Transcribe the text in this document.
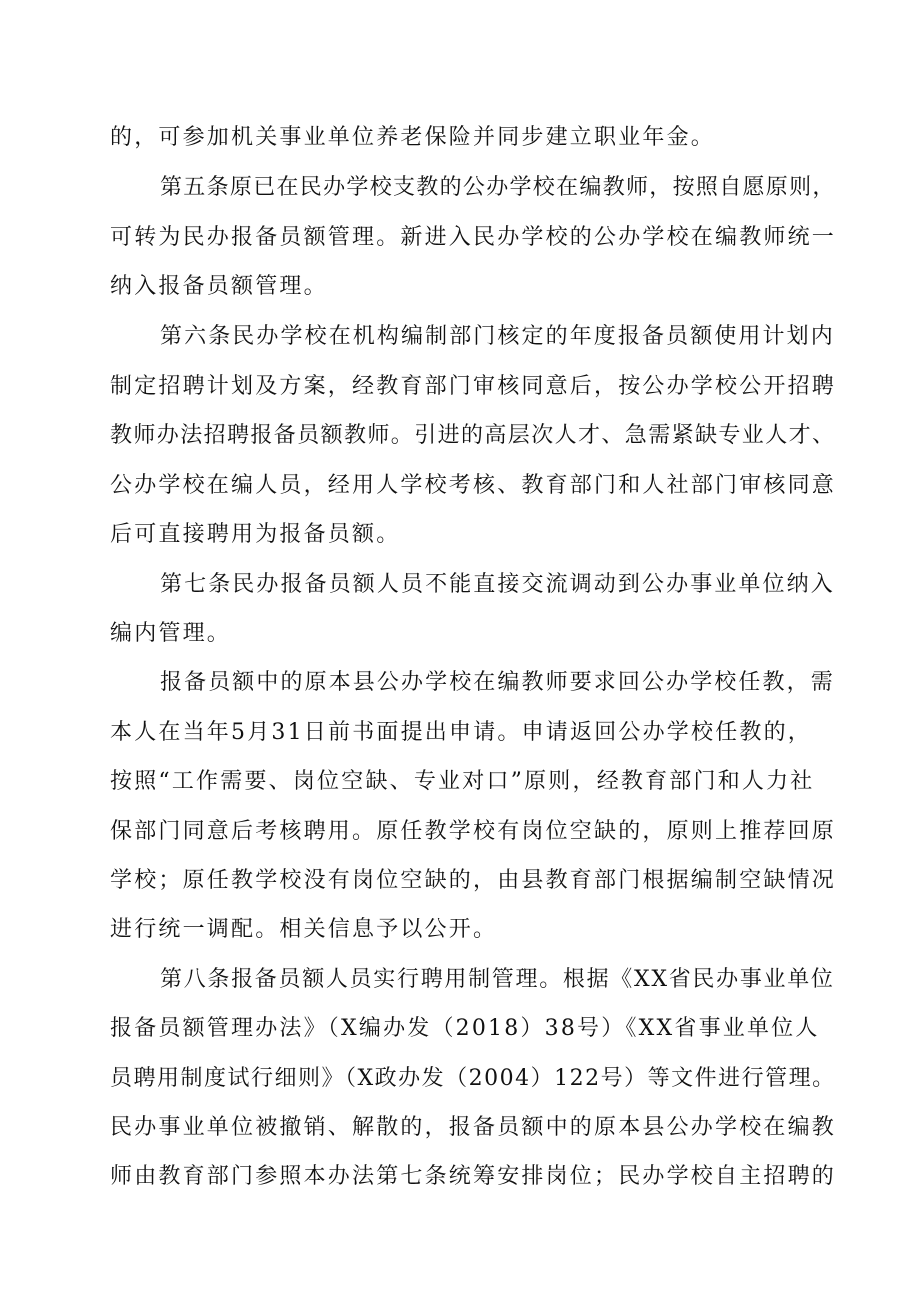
的，可参加机关事业单位养老保险并同步建立职业年金。
第五条原已在民办学校支教的公办学校在编教师，按照自愿原则，
可转为民办报备员额管理。新进入民办学校的公办学校在编教师统一
纳入报备员额管理。
第六条民办学校在机构编制部门核定的年度报备员额使用计划内
制定招聘计划及方案，经教育部门审核同意后，按公办学校公开招聘
教师办法招聘报备员额教师。引进的高层次人才、急需紧缺专业人才、
公办学校在编人员，经用人学校考核、教育部门和人社部门审核同意
后可直接聘用为报备员额。
第七条民办报备员额人员不能直接交流调动到公办事业单位纳入
编内管理。
报备员额中的原本县公办学校在编教师要求回公办学校任教，需
本人在当年5月31日前书面提出申请。申请返回公办学校任教的，
按照“工作需要、岗位空缺、专业对口”原则，经教育部门和人力社
保部门同意后考核聘用。原任教学校有岗位空缺的，原则上推荐回原
学校；原任教学校没有岗位空缺的，由县教育部门根据编制空缺情况
进行统一调配。相关信息予以公开。
第八条报备员额人员实行聘用制管理。根据《XX省民办事业单位
报备员额管理办法》（X编办发（2018）38号）《XX省事业单位人
员聘用制度试行细则》（X政办发（2004）122号）等文件进行管理。
民办事业单位被撤销、解散的，报备员额中的原本县公办学校在编教
师由教育部门参照本办法第七条统筹安排岗位；民办学校自主招聘的
